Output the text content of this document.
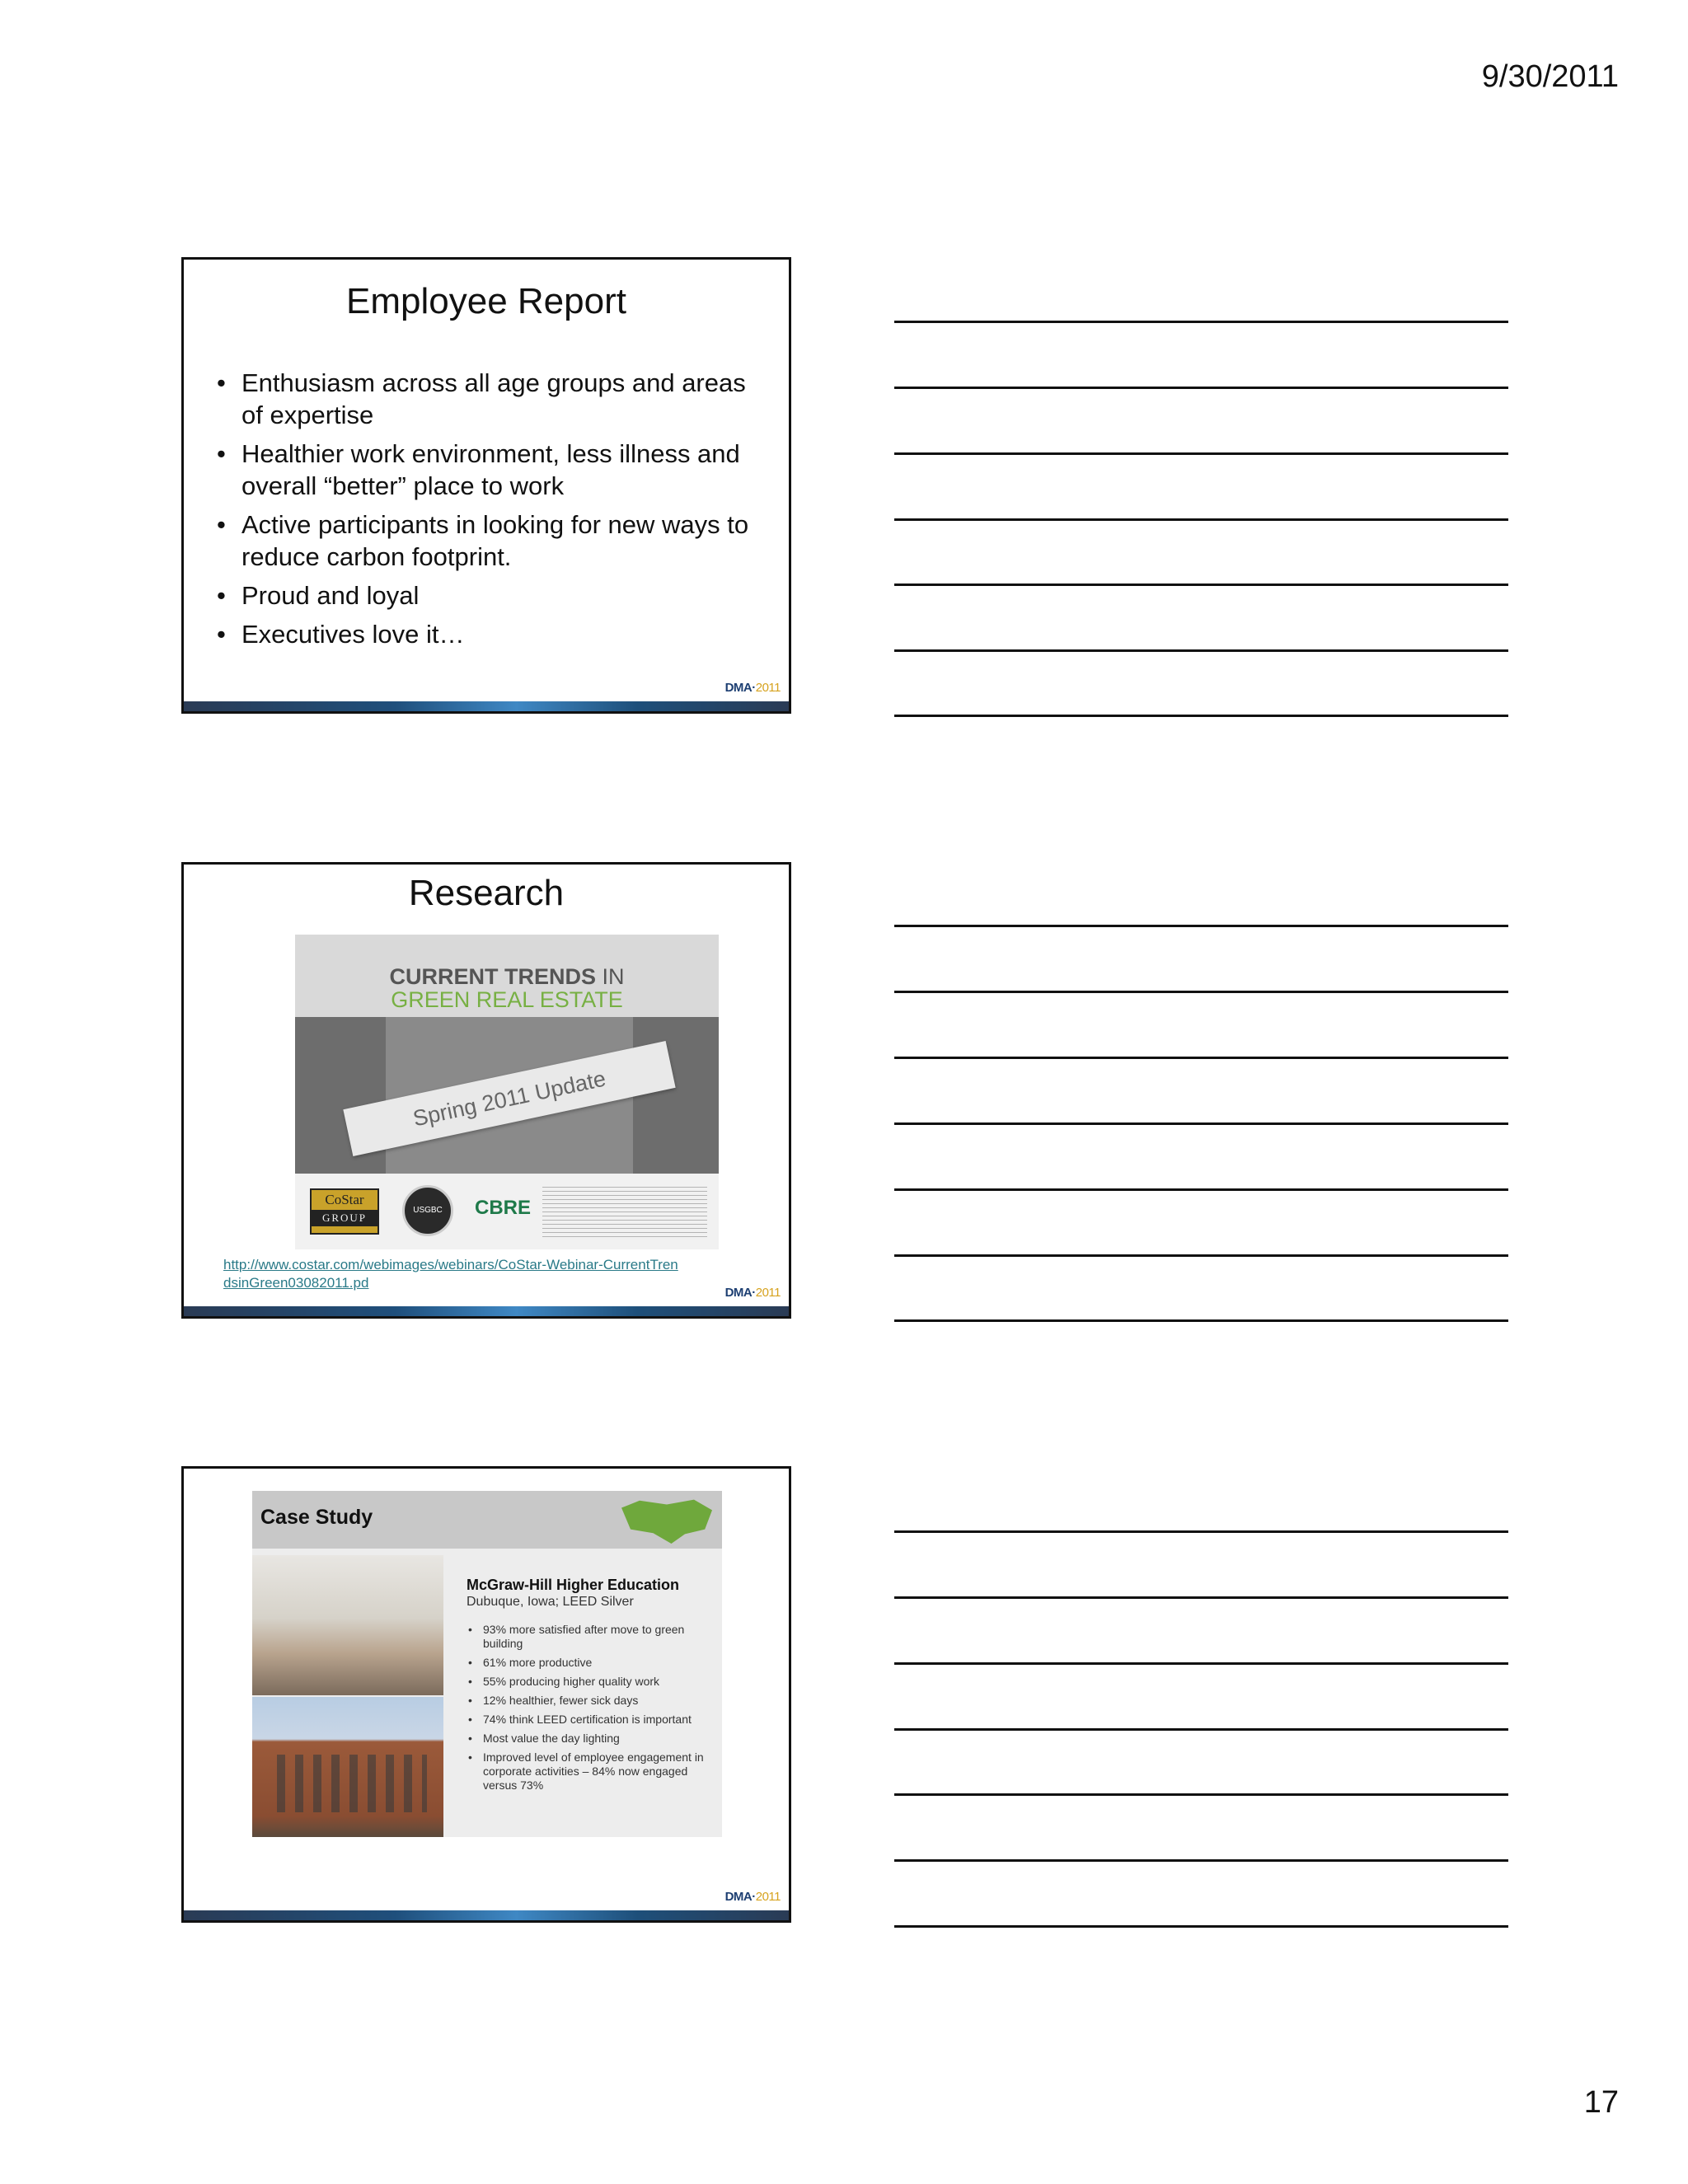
9/30/2011
Employee Report
• Enthusiasm across all age groups and areas of expertise
• Healthier work environment, less illness and overall “better” place to work
• Active participants in looking for new ways to reduce carbon footprint.
• Proud and loyal
• Executives love it…
DMA·2011
Research
CURRENT TRENDS IN
GREEN REAL ESTATE
Spring 2011 Update
CoStar
GROUP
USGBC	CBRE
http://www.costar.com/webimages/webinars/CoStar-Webinar-CurrentTrendsinGreen03082011.pd
DMA·2011
Case Study
McGraw-Hill Higher Education
Dubuque, Iowa; LEED Silver
• 93% more satisfied after move to green building
• 61% more productive
• 55% producing higher quality work
• 12% healthier, fewer sick days
• 74% think LEED certification is important
• Most value the day lighting
• Improved level of employee engagement in corporate activities – 84% now engaged versus 73%
DMA·2011
17
